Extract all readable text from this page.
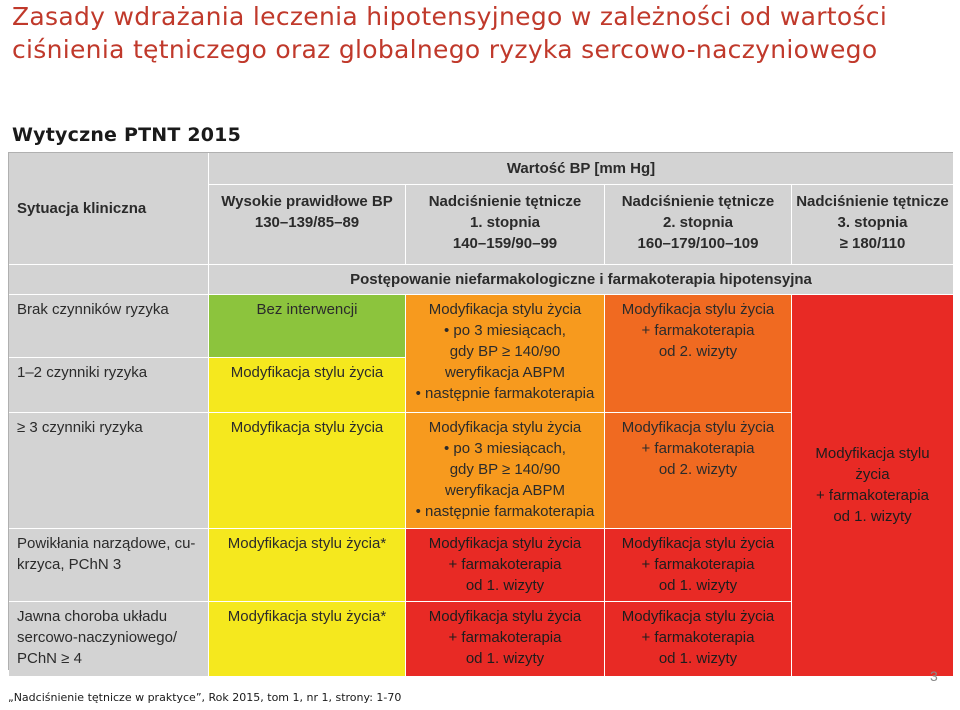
Zasady wdrażania leczenia hipotensyjnego w zależności od wartości
ciśnienia tętniczego oraz globalnego ryzyka sercowo-naczyniowego
Wytyczne PTNT 2015
Sytuacja kliniczna
Wartość BP [mm Hg]
Wysokie prawidłowe BP
130–139/85–89
Nadciśnienie tętnicze
1. stopnia
140–159/90–99
Nadciśnienie tętnicze
2. stopnia
160–179/100–109
Nadciśnienie tętnicze
3. stopnia
≥ 180/110
Postępowanie niefarmakologiczne i farmakoterapia hipotensyjna
Brak czynników ryzyka
1–2 czynniki ryzyka
≥ 3 czynniki ryzyka
Powikłania narządowe, cu-
krzyca, PChN 3
Jawna choroba układu
sercowo-naczyniowego/
PChN ≥ 4
Bez interwencji
Modyfikacja stylu życia
Modyfikacja stylu życia
Modyfikacja stylu życia*
Modyfikacja stylu życia*
Modyfikacja stylu życia
• po 3 miesiącach,
gdy BP ≥ 140/90
weryfikacja ABPM
• następnie farmakoterapia
Modyfikacja stylu życia
• po 3 miesiącach,
gdy BP ≥ 140/90
weryfikacja ABPM
• następnie farmakoterapia
Modyfikacja stylu życia
+ farmakoterapia
od 1. wizyty
Modyfikacja stylu życia
+ farmakoterapia
od 1. wizyty
Modyfikacja stylu życia
+ farmakoterapia
od 2. wizyty
Modyfikacja stylu życia
+ farmakoterapia
od 2. wizyty
Modyfikacja stylu życia
+ farmakoterapia
od 1. wizyty
Modyfikacja stylu życia
+ farmakoterapia
od 1. wizyty
Modyfikacja stylu
życia
+ farmakoterapia
od 1. wizyty
3
„Nadciśnienie tętnicze w praktyce”, Rok 2015, tom 1, nr 1, strony: 1-70
